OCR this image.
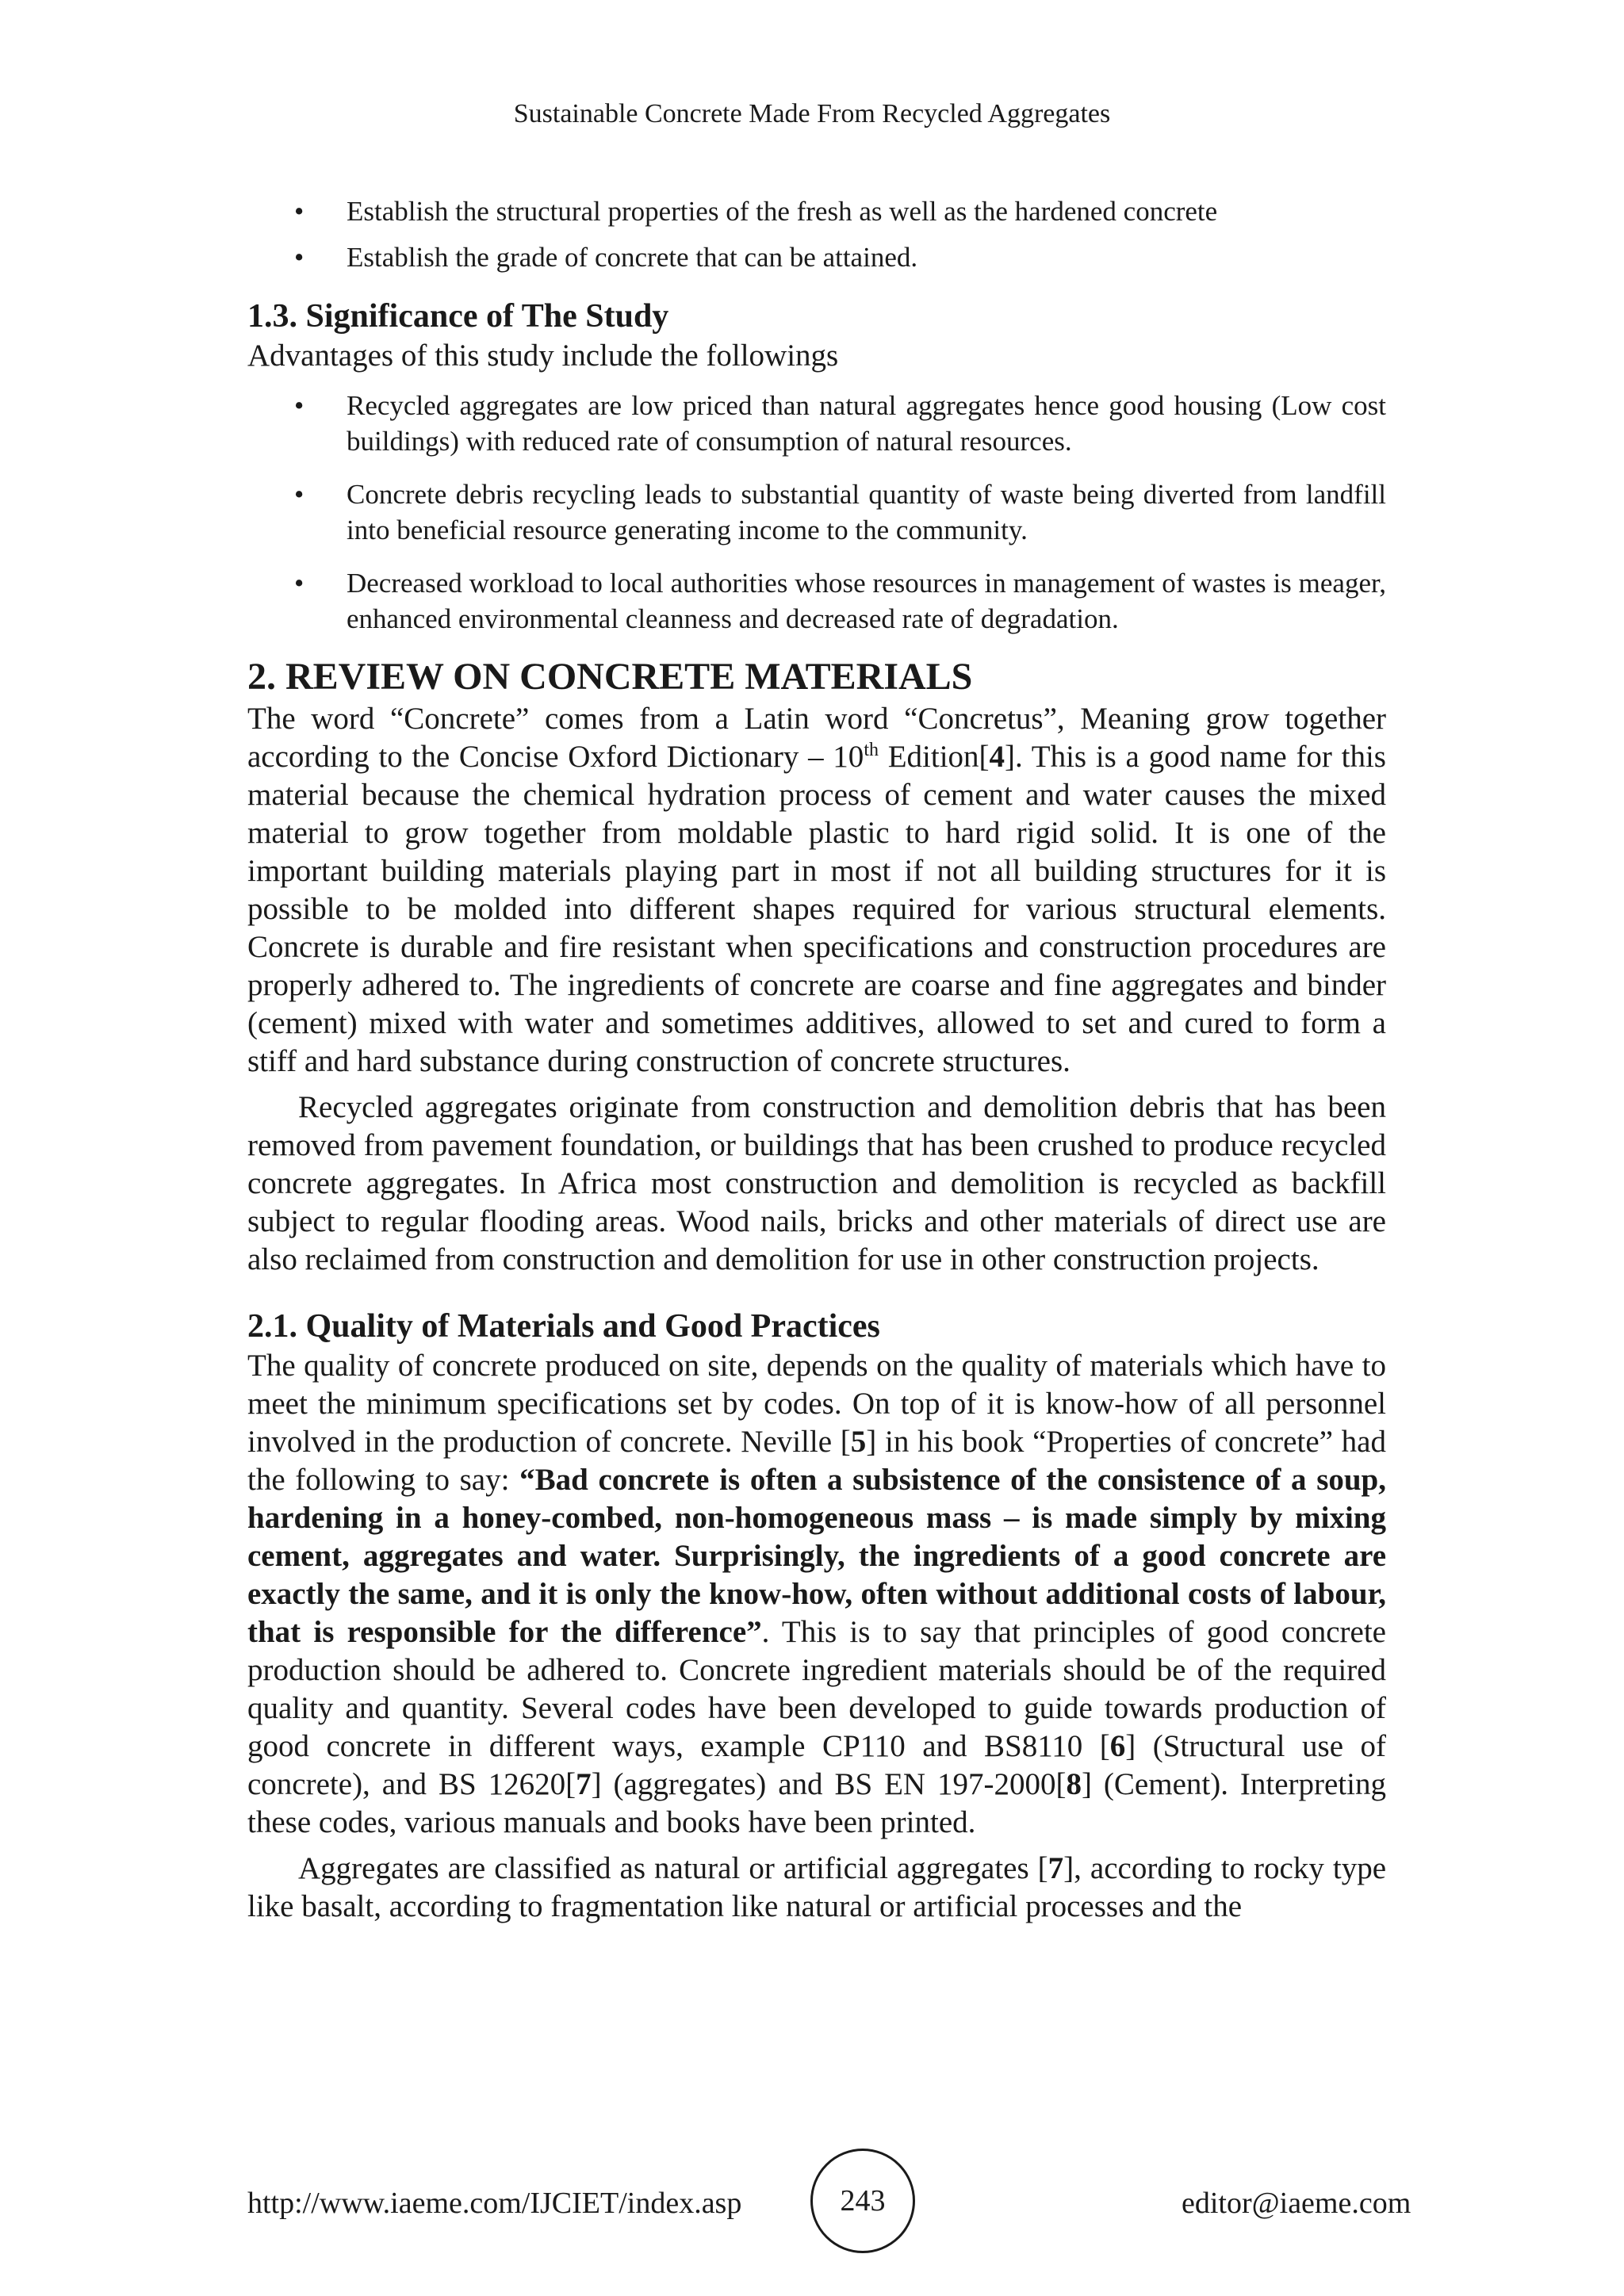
Sustainable Concrete Made From Recycled Aggregates
• Establish the structural properties of the fresh as well as the hardened concrete
• Establish the grade of concrete that can be attained.
1.3. Significance of The Study

Advantages of this study include the followings

• Recycled aggregates are low priced than natural aggregates hence good housing (Low cost buildings) with reduced rate of consumption of natural resources.
• Concrete debris recycling leads to substantial quantity of waste being diverted from landfill into beneficial resource generating income to the community.
• Decreased workload to local authorities whose resources in management of wastes is meager, enhanced environmental cleanness and decreased rate of degradation.
2. REVIEW ON CONCRETE MATERIALS

The word “Concrete” comes from a Latin word “Concretus”, Meaning grow together according to the Concise Oxford Dictionary – 10th Edition[4]. This is a good name for this material because the chemical hydration process of cement and water causes the mixed material to grow together from moldable plastic to hard rigid solid. It is one of the important building materials playing part in most if not all building structures for it is possible to be molded into different shapes required for various structural elements. Concrete is durable and fire resistant when specifications and construction procedures are properly adhered to. The ingredients of concrete are coarse and fine aggregates and binder (cement) mixed with water and sometimes additives, allowed to set and cured to form a stiff and hard substance during construction of concrete structures.

Recycled aggregates originate from construction and demolition debris that has been removed from pavement foundation, or buildings that has been crushed to produce recycled concrete aggregates. In Africa most construction and demolition is recycled as backfill subject to regular flooding areas. Wood nails, bricks and other materials of direct use are also reclaimed from construction and demolition for use in other construction projects.

2.1. Quality of Materials and Good Practices

The quality of concrete produced on site, depends on the quality of materials which have to meet the minimum specifications set by codes. On top of it is know-how of all personnel involved in the production of concrete. Neville [5] in his book “Properties of concrete” had the following to say: “Bad concrete is often a subsistence of the consistence of a soup, hardening in a honey-combed, non-homogeneous mass – is made simply by mixing cement, aggregates and water. Surprisingly, the ingredients of a good concrete are exactly the same, and it is only the know-how, often without additional costs of labour, that is responsible for the difference”. This is to say that principles of good concrete production should be adhered to. Concrete ingredient materials should be of the required quality and quantity. Several codes have been developed to guide towards production of good concrete in different ways, example CP110 and BS8110 [6] (Structural use of concrete), and BS 12620[7] (aggregates) and BS EN 197-2000[8] (Cement). Interpreting these codes, various manuals and books have been printed.

Aggregates are classified as natural or artificial aggregates [7], according to rocky type like basalt, according to fragmentation like natural or artificial processes and the

http://www.iaeme.com/IJCIET/index.asp	243	editor@iaeme.com
